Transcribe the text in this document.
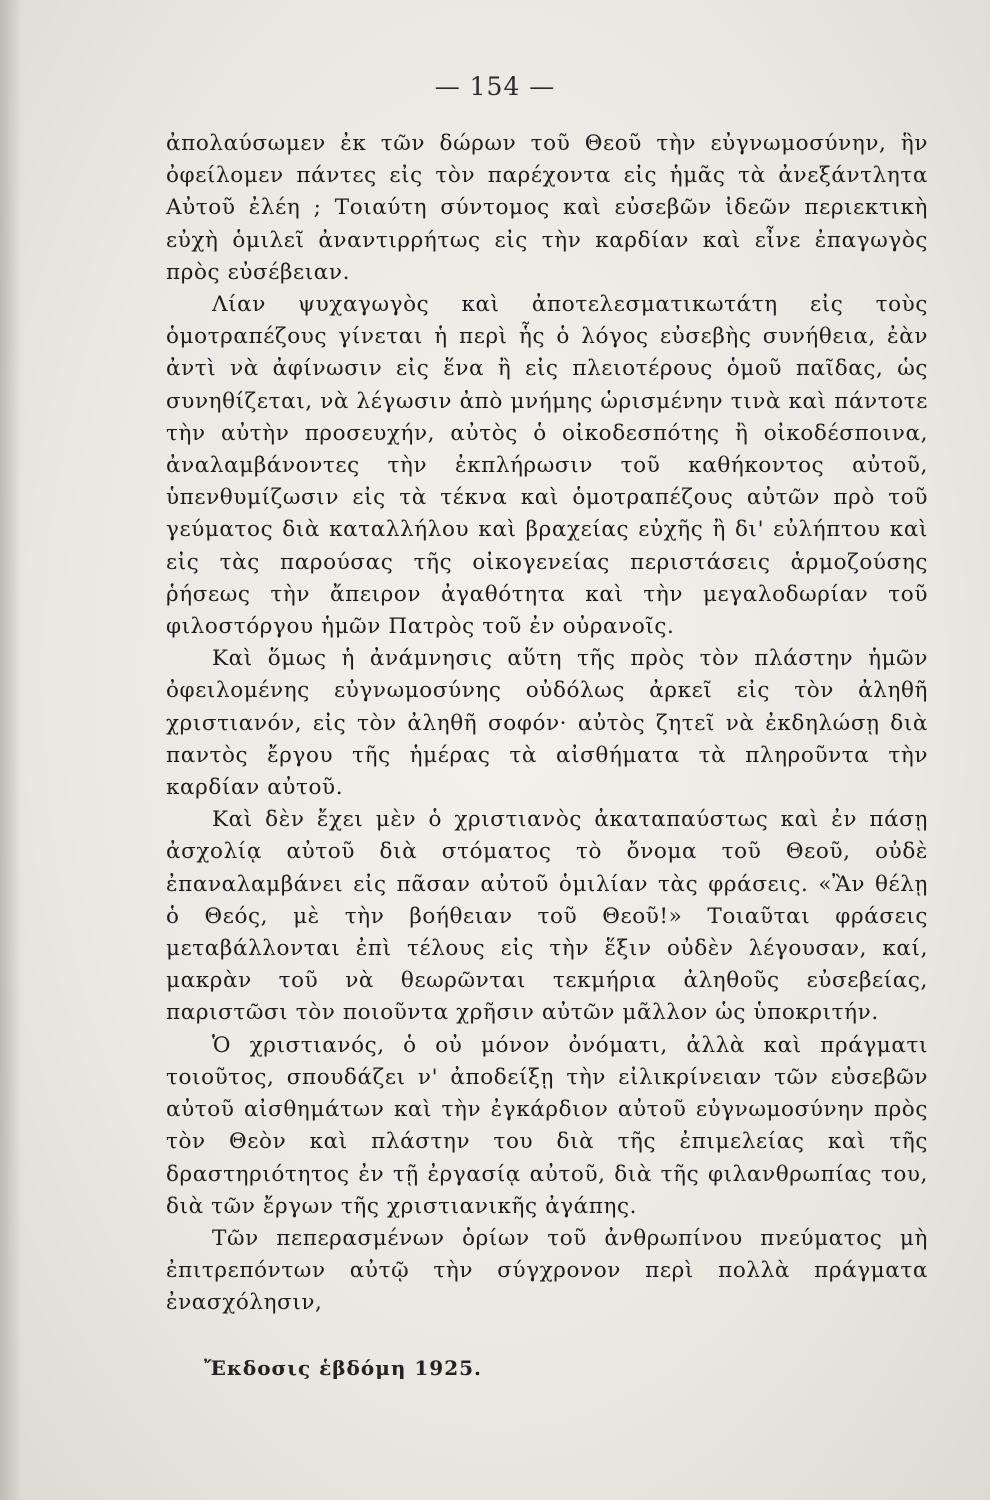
— 154 —

ἀπολαύσωμεν ἐκ τῶν δώρων τοῦ Θεοῦ τὴν εὐγνωμοσύνην, ἣν ὀφείλομεν πάντες εἰς τὸν παρέχοντα εἰς ἡμᾶς τὰ ἀνεξάντλητα Αὐτοῦ ἐλέη ; Τοιαύτη σύντομος καὶ εὐσεβῶν ἰδεῶν περιεκτικὴ εὐχὴ ὁμιλεῖ ἀναντιρρήτως εἰς τὴν καρδίαν καὶ εἶνε ἐπαγωγὸς πρὸς εὐσέβειαν.

Λίαν ψυχαγωγὸς καὶ ἀποτελεσματικωτάτη εἰς τοὺς ὁμοτραπέζους γίνεται ἡ περὶ ἧς ὁ λόγος εὐσεβὴς συνήθεια, ἐὰν ἀντὶ νὰ ἀφίνωσιν εἰς ἕνα ἢ εἰς πλειοτέρους ὁμοῦ παῖδας, ὡς συνηθίζεται, νὰ λέγωσιν ἀπὸ μνήμης ὡρισμένην τινὰ καὶ πάντοτε τὴν αὐτὴν προσευχήν, αὐτὸς ὁ οἰκοδεσπότης ἢ οἰκοδέσποινα, ἀναλαμβάνοντες τὴν ἐκπλήρωσιν τοῦ καθήκοντος αὐτοῦ, ὑπενθυμίζωσιν εἰς τὰ τέκνα καὶ ὁμοτραπέζους αὐτῶν πρὸ τοῦ γεύματος διὰ καταλλήλου καὶ βραχείας εὐχῆς ἢ δι' εὐλήπτου καὶ εἰς τὰς παρούσας τῆς οἰκογενείας περιστάσεις ἁρμοζούσης ῥήσεως τὴν ἄπειρον ἀγαθότητα καὶ τὴν μεγαλοδωρίαν τοῦ φιλοστόργου ἡμῶν Πατρὸς τοῦ ἐν οὐρανοῖς.

Καὶ ὅμως ἡ ἀνάμνησις αὕτη τῆς πρὸς τὸν πλάστην ἡμῶν ὀφειλομένης εὐγνωμοσύνης οὐδόλως ἀρκεῖ εἰς τὸν ἀληθῆ χριστιανόν, εἰς τὸν ἀληθῆ σοφόν· αὐτὸς ζητεῖ νὰ ἐκδηλώσῃ διὰ παντὸς ἔργου τῆς ἡμέρας τὰ αἰσθήματα τὰ πληροῦντα τὴν καρδίαν αὐτοῦ.

Καὶ δὲν ἔχει μὲν ὁ χριστιανὸς ἀκαταπαύστως καὶ ἐν πάσῃ ἀσχολίᾳ αὐτοῦ διὰ στόματος τὸ ὄνομα τοῦ Θεοῦ, οὐδὲ ἐπαναλαμβάνει εἰς πᾶσαν αὐτοῦ ὁμιλίαν τὰς φράσεις. «Ἂν θέλῃ ὁ Θεός, μὲ τὴν βοήθειαν τοῦ Θεοῦ!» Τοιαῦται φράσεις μεταβάλλονται ἐπὶ τέλους εἰς τὴν ἕξιν οὐδὲν λέγουσαν, καί, μακρὰν τοῦ νὰ θεωρῶνται τεκμήρια ἀληθοῦς εὐσεβείας, παριστῶσι τὸν ποιοῦντα χρῆσιν αὐτῶν μᾶλλον ὡς ὑποκριτήν.

Ὁ χριστιανός, ὁ οὐ μόνον ὀνόματι, ἀλλὰ καὶ πράγματι τοιοῦτος, σπουδάζει ν' ἀποδείξῃ τὴν εἰλικρίνειαν τῶν εὐσεβῶν αὐτοῦ αἰσθημάτων καὶ τὴν ἐγκάρδιον αὐτοῦ εὐγνωμοσύνην πρὸς τὸν Θεὸν καὶ πλάστην του διὰ τῆς ἐπιμελείας καὶ τῆς δραστηριότητος ἐν τῇ ἐργασίᾳ αὐτοῦ, διὰ τῆς φιλανθρωπίας του, διὰ τῶν ἔργων τῆς χριστιανικῆς ἀγάπης.

Τῶν πεπερασμένων ὁρίων τοῦ ἀνθρωπίνου πνεύματος μὴ ἐπιτρεπόντων αὐτῷ τὴν σύγχρονον περὶ πολλὰ πράγματα ἐνασχόλησιν,

Ἔκδοσις ἑβδόμη 1925.
